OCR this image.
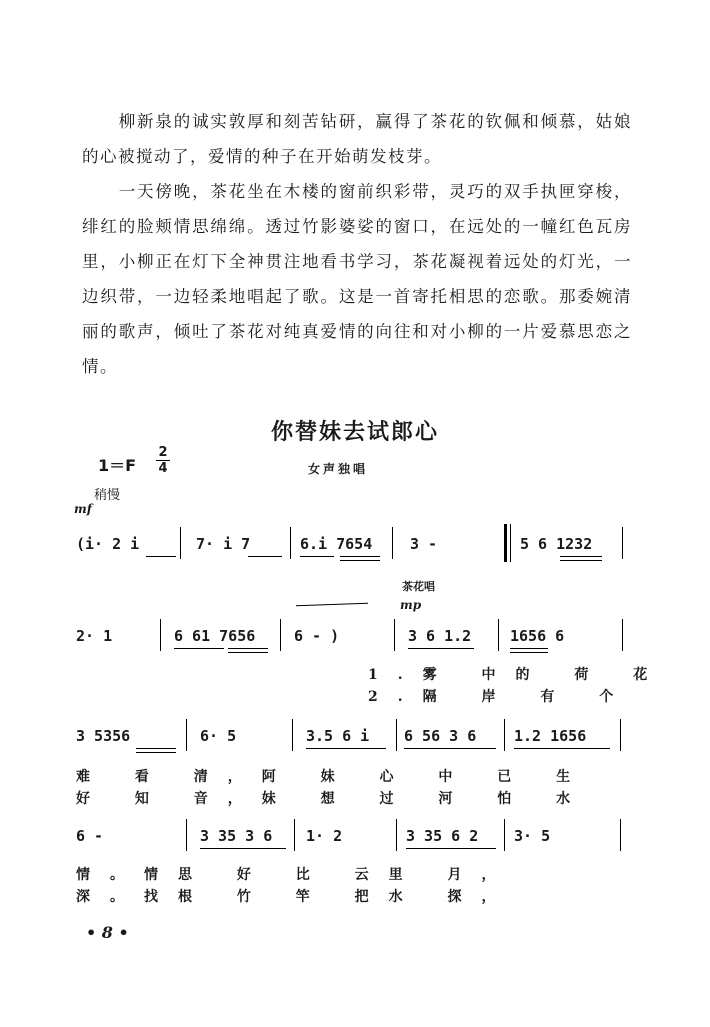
　　柳新泉的诚实敦厚和刻苦钻研，赢得了茶花的钦佩和倾慕，姑娘的心被搅动了，爱情的种子在开始萌发枝芽。

　　一天傍晚，茶花坐在木楼的窗前织彩带，灵巧的双手执匣穿梭，绯红的脸颊情思绵绵。透过竹影婆娑的窗口，在远处的一幢红色瓦房里，小柳正在灯下全神贯注地看书学习，茶花凝视着远处的灯光，一边织带，一边轻柔地唱起了歌。这是一首寄托相思的恋歌。那委婉清丽的歌声，倾吐了茶花对纯真爱情的向往和对小柳的一片爱慕思恋之情。

你替妹去试郎心
1＝F
2
4	女声独唱
稍慢
mf
(i· 2 i	7· i 7	6.i 7654	3 -	5 6 1232
茶花唱
mp
2· 1	6 61 7656	6 - )	3 6 1.2	1656 6
1.雾 中的 荷 花
2.隔 岸 有 个
3 5356	6· 5	3.5 6 i 6 56 3 6	1.2 1656
难 看 清，阿 妹 心 中 已 生
好 知 音，妹 想 过 河 怕 水
6 -	3 35 3 6 1· 2	3 35 6 2 3· 5
情。情思 好 比 云里 月，
深。找根 竹 竿 把水 探，
• 8 •
